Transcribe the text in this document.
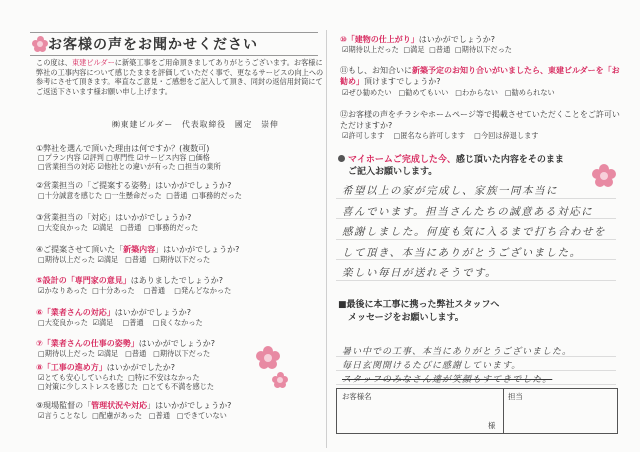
お客様の声をお聞かせください
この度は、東建ビルダーに新築工事をご用命頂きましてありがとうございます。お客様に弊社の工事内容について感じたままを評価していただく事で、更なるサービスの向上への参考にさせて頂きます。率直なご意見・ご感想をご記入して頂き、同封の返信用封筒にてご返送下さいます様お願い申し上げます。
㈱東建ビルダー　代表取締役　國定　崇伸
①弊社を選んで頂いた理由は何ですか？(複数可)
□プラン内容 ☑評判 □専門性 ☑サービス内容 □価格
□営業担当の対応 ☑他社との違いが有った □担当の業所
②営業担当の「ご提案する姿勢」はいかがでしょうか?
□十分誠意を感じた □一生懸命だった □普通 □事務的だった
③営業担当の「対応」はいかがでしょうか?
□大変良かった ☑満足 □普通 □事務的だった
④ご提案させて頂いた「新築内容」はいかがでしょうか?
□期待以上だった ☑満足 □普通 □期待以下だった
⑤設計の「専門家の意見」はありましたでしょうか?
☑かなりあった □十分あった □普通 □発んどなかった
⑥「業者さんの対応」はいかがでしょうか?
□大変良かった ☑満足 □普通 □良くなかった
⑦「業者さんの仕事の姿勢」はいかがでしょうか?
□期待以上だった ☑満足 □普通 □期待以下だった
⑧「工事の進め方」はいかがでしたか?
☑とても安心していられた □特に不安はなかった
□対策に少しストレスを感じた □とても不満を感じた
⑨現場監督の「管理状況や対応」はいかがでしょうか?
☑言うことなし □配慮があった □普通 □できていない
⑩「建物の仕上がり」はいかがでしょうか?
☑期待以上だった □満足 □普通 □期待以下だった
⑪もし、お知合いに新築予定のお知り合いがいましたら、東建ビルダーを「お勧め」頂けますでしょうか?
☑ぜひ勧めたい □勧めてもいい □わからない □勧められない
⑫お客様の声をチラシやホームページ等で掲載させていただくことをご許可いただけますか?
☑許可します □匿名なら許可します □今回は辞退します
マイホームご完成した今、感じ頂いた内容をそのまま
ご記入お願いします。
希望以上の家が完成し、家族一同本当に
喜んでいます。担当さんたちの誠意ある対応に
感謝しました。何度も気に入るまで打ち合わせを
して頂き、本当にありがとうございました。
楽しい毎日が送れそうです。
■最後に本工事に携った弊社スタッフへ
メッセージをお願いします。
暑い中での工事、本当にありがとうございました。
毎日玄関開けるたびに感謝しています。
スタッフのみなさん達が笑顔もすてきでした。
お客様名
様
担当
